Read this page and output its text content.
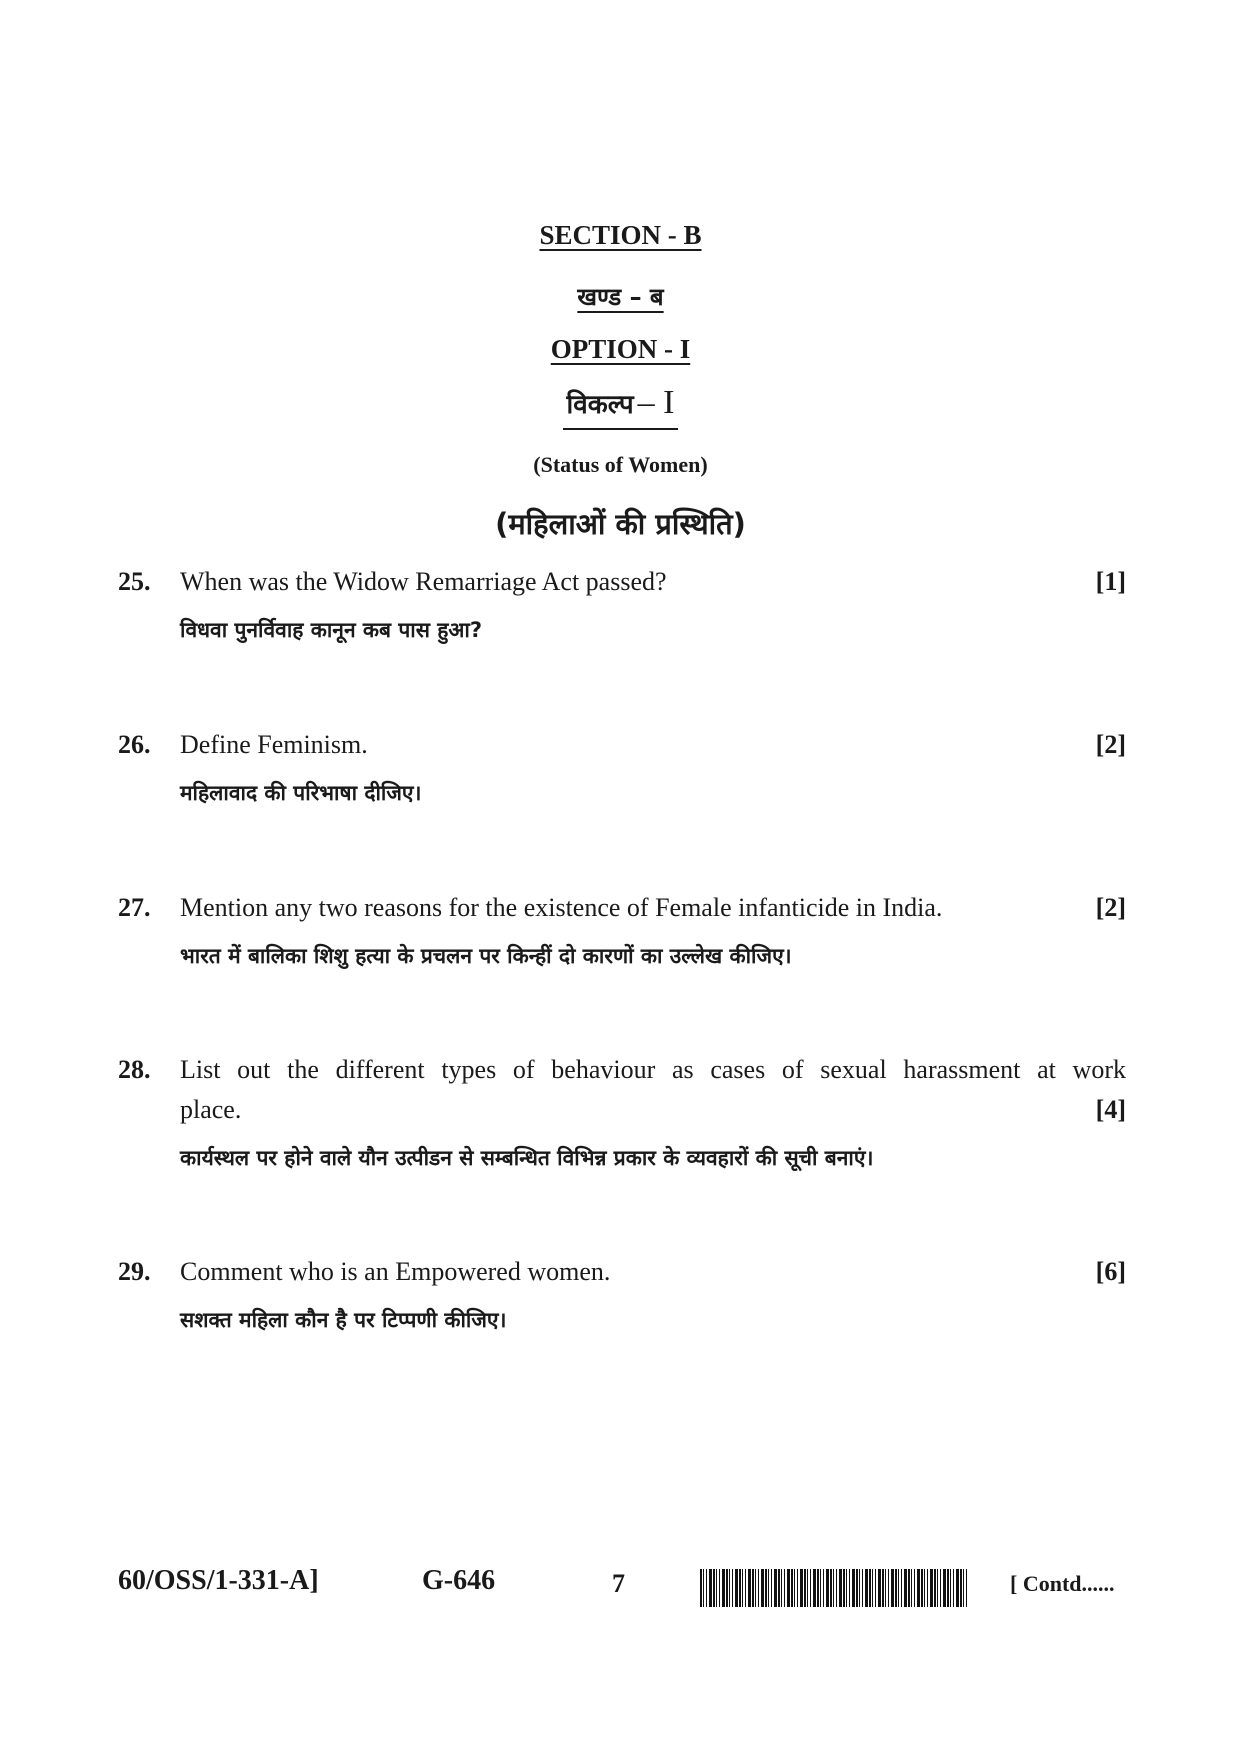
SECTION - B
खण्ड – ब
OPTION - I
विकल्प – I
(Status of Women)
(महिलाओं की प्रस्थिति)
25. When was the Widow Remarriage Act passed?	[1]
विधवा पुनर्विवाह कानून कब पास हुआ?
26. Define Feminism.	[2]
महिलावाद की परिभाषा दीजिए।
27. Mention any two reasons for the existence of Female infanticide in India.	[2]
भारत में बालिका शिशु हत्या के प्रचलन पर किन्हीं दो कारणों का उल्लेख कीजिए।
28. List out the different types of behaviour as cases of sexual harassment at work
place.	[4]
कार्यस्थल पर होने वाले यौन उत्पीडन से सम्बन्धित विभिन्न प्रकार के व्यवहारों की सूची बनाएं।
29. Comment who is an Empowered women.	[6]
सशक्त महिला कौन है पर टिप्पणी कीजिए।
60/OSS/1-331-A]	G-646	7	[ Contd......
